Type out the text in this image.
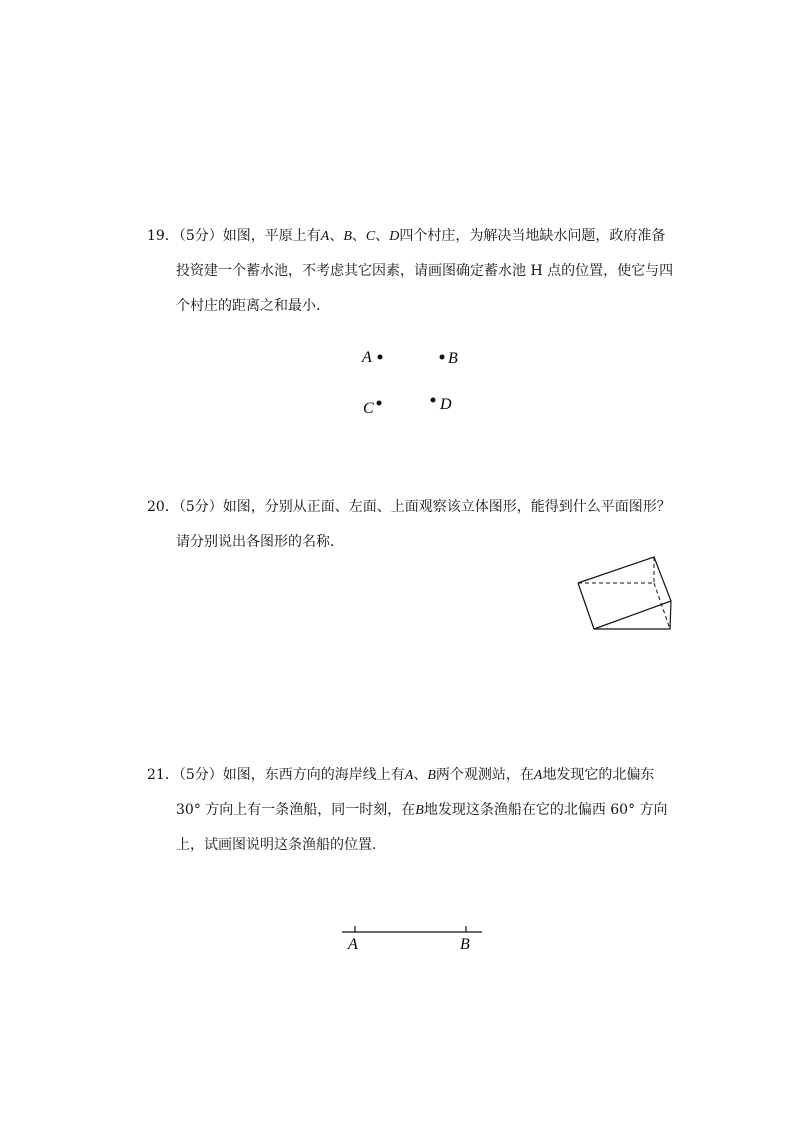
19．（5分）如图，平原上有A、B、C、D四个村庄，为解决当地缺水问题，政府准备
投资建一个蓄水池，不考虑其它因素，请画图确定蓄水池 H 点的位置，使它与四
个村庄的距离之和最小．
A	B
C	D
20．（5分）如图，分别从正面、左面、上面观察该立体图形，能得到什么平面图形？
请分别说出各图形的名称．
21．（5分）如图，东西方向的海岸线上有A、B两个观测站，在A地发现它的北偏东
30° 方向上有一条渔船，同一时刻，在B地发现这条渔船在它的北偏西 60° 方向
上，试画图说明这条渔船的位置．
A	B
